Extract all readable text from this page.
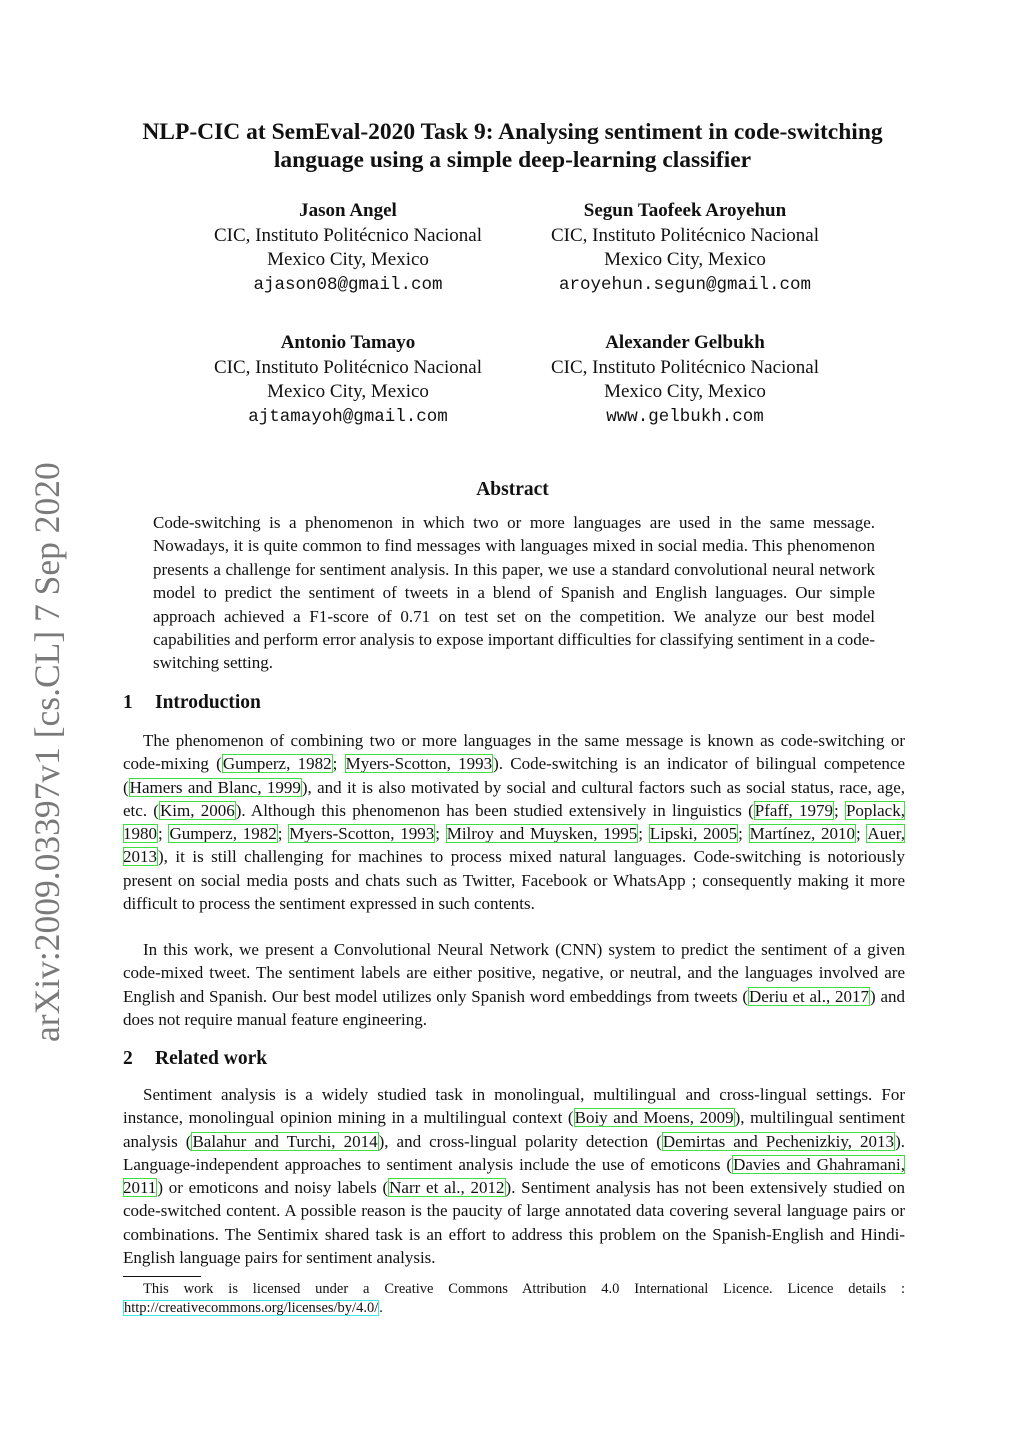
arXiv:2009.03397v1 [cs.CL] 7 Sep 2020
NLP-CIC at SemEval-2020 Task 9: Analysing sentiment in code-switching language using a simple deep-learning classifier
Jason Angel
CIC, Instituto Politécnico Nacional
Mexico City, Mexico
ajason08@gmail.com
Segun Taofeek Aroyehun
CIC, Instituto Politécnico Nacional
Mexico City, Mexico
aroyehun.segun@gmail.com
Antonio Tamayo
CIC, Instituto Politécnico Nacional
Mexico City, Mexico
ajtamayoh@gmail.com
Alexander Gelbukh
CIC, Instituto Politécnico Nacional
Mexico City, Mexico
www.gelbukh.com
Abstract
Code-switching is a phenomenon in which two or more languages are used in the same message. Nowadays, it is quite common to find messages with languages mixed in social media. This phenomenon presents a challenge for sentiment analysis. In this paper, we use a standard convolutional neural network model to predict the sentiment of tweets in a blend of Spanish and English languages. Our simple approach achieved a F1-score of 0.71 on test set on the competition. We analyze our best model capabilities and perform error analysis to expose important difficulties for classifying sentiment in a code-switching setting.
1 Introduction

The phenomenon of combining two or more languages in the same message is known as code-switching or code-mixing (Gumperz, 1982; Myers-Scotton, 1993). Code-switching is an indicator of bilingual competence (Hamers and Blanc, 1999), and it is also motivated by social and cultural factors such as social status, race, age, etc. (Kim, 2006). Although this phenomenon has been studied extensively in linguistics (Pfaff, 1979; Poplack, 1980; Gumperz, 1982; Myers-Scotton, 1993; Milroy and Muysken, 1995; Lipski, 2005; Martínez, 2010; Auer, 2013), it is still challenging for machines to process mixed natural languages. Code-switching is notoriously present on social media posts and chats such as Twitter, Facebook or WhatsApp ; consequently making it more difficult to process the sentiment expressed in such contents.

In this work, we present a Convolutional Neural Network (CNN) system to predict the sentiment of a given code-mixed tweet. The sentiment labels are either positive, negative, or neutral, and the languages involved are English and Spanish. Our best model utilizes only Spanish word embeddings from tweets (Deriu et al., 2017) and does not require manual feature engineering.

2 Related work

Sentiment analysis is a widely studied task in monolingual, multilingual and cross-lingual settings. For instance, monolingual opinion mining in a multilingual context (Boiy and Moens, 2009), multilingual sentiment analysis (Balahur and Turchi, 2014), and cross-lingual polarity detection (Demirtas and Pechenizkiy, 2013). Language-independent approaches to sentiment analysis include the use of emoticons (Davies and Ghahramani, 2011) or emoticons and noisy labels (Narr et al., 2012). Sentiment analysis has not been extensively studied on code-switched content. A possible reason is the paucity of large annotated data covering several language pairs or combinations. The Sentimix shared task is an effort to address this problem on the Spanish-English and Hindi-English language pairs for sentiment analysis.

This work is licensed under a Creative Commons Attribution 4.0 International Licence. Licence details : http://creativecommons.org/licenses/by/4.0/.
